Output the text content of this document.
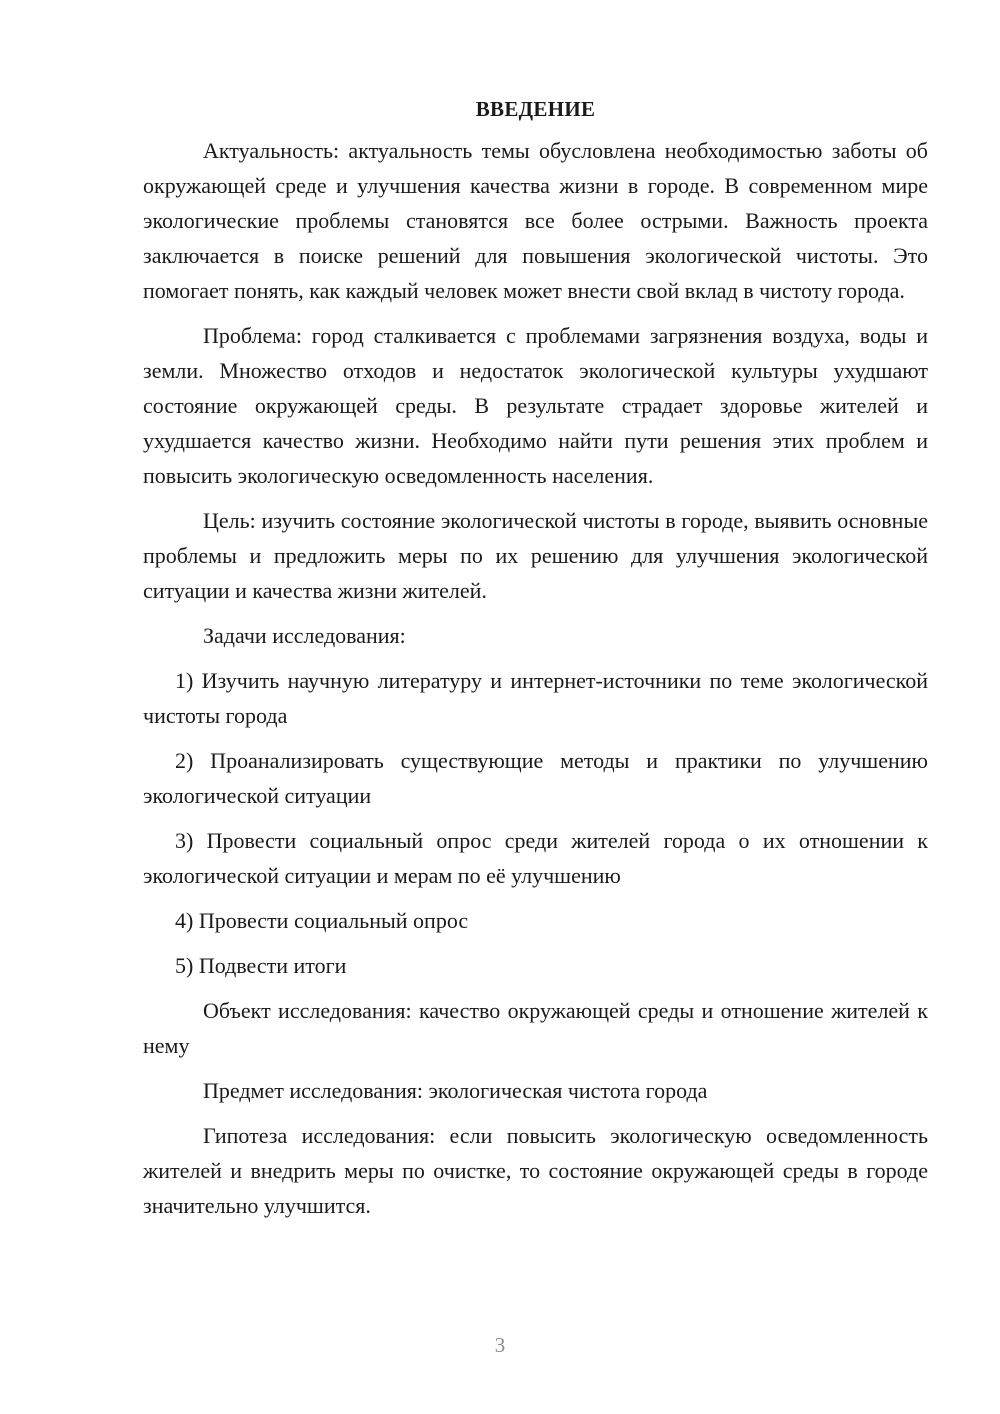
ВВЕДЕНИЕ

Актуальность: актуальность темы обусловлена необходимостью заботы об окружающей среде и улучшения качества жизни в городе. В современном мире экологические проблемы становятся все более острыми. Важность проекта заключается в поиске решений для повышения экологической чистоты. Это помогает понять, как каждый человек может внести свой вклад в чистоту города.

Проблема: город сталкивается с проблемами загрязнения воздуха, воды и земли. Множество отходов и недостаток экологической культуры ухудшают состояние окружающей среды. В результате страдает здоровье жителей и ухудшается качество жизни. Необходимо найти пути решения этих проблем и повысить экологическую осведомленность населения.

Цель: изучить состояние экологической чистоты в городе, выявить основные проблемы и предложить меры по их решению для улучшения экологической ситуации и качества жизни жителей.

Задачи исследования:

1) Изучить научную литературу и интернет-источники по теме экологической чистоты города

2) Проанализировать существующие методы и практики по улучшению экологической ситуации

3) Провести социальный опрос среди жителей города о их отношении к экологической ситуации и мерам по её улучшению

4) Провести социальный опрос

5) Подвести итоги

Объект исследования: качество окружающей среды и отношение жителей к нему

Предмет исследования: экологическая чистота города

Гипотеза исследования: если повысить экологическую осведомленность жителей и внедрить меры по очистке, то состояние окружающей среды в городе значительно улучшится.

3
